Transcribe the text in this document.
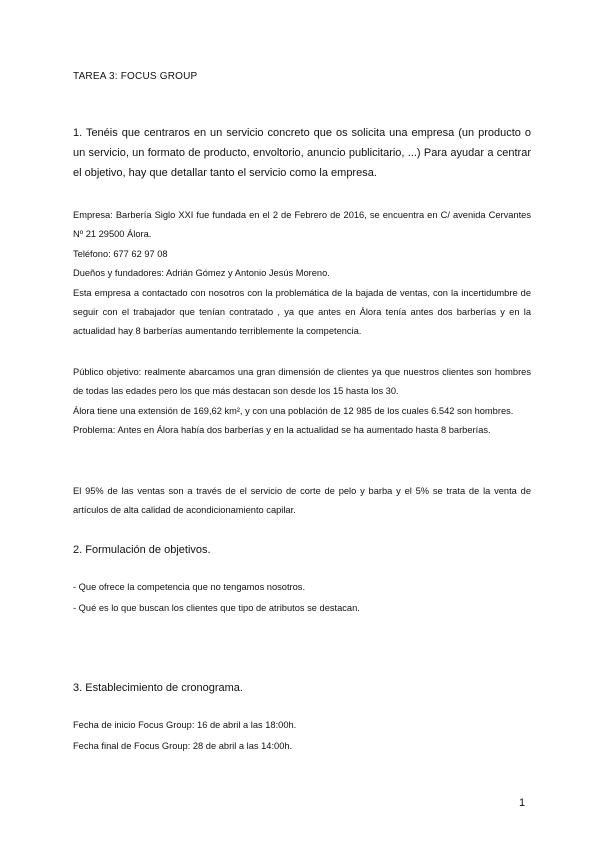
TAREA 3: FOCUS GROUP

1. Tenéis que centraros en un servicio concreto que os solicita una empresa (un producto o un servicio, un formato de producto, envoltorio, anuncio publicitario, ...) Para ayudar a centrar el objetivo, hay que detallar tanto el servicio como la empresa.

Empresa: Barbería Siglo XXI fue fundada en el 2 de Febrero de 2016, se encuentra en C/ avenida Cervantes Nº 21 29500 Álora.

Teléfono: 677 62 97 08

Dueños y fundadores: Adrián Gómez y Antonio Jesús Moreno.

Esta empresa a contactado con nosotros con la problemática de la bajada de ventas, con la incertidumbre de seguir con el trabajador que tenían contratado , ya que antes en Álora tenía antes dos barberías y en la actualidad hay 8 barberías aumentando terriblemente la competencia.

Público objetivo: realmente abarcamos una gran dimensión de clientes ya que nuestros clientes son hombres de todas las edades pero los que más destacan son desde los 15 hasta los 30.

Álora tiene una extensión de 169,62 km², y con una población de 12 985 de los cuales 6.542 son hombres.

Problema: Antes en Álora había dos barberías y en la actualidad se ha aumentado hasta 8 barberías.

El 95% de las ventas son a través de el servicio de corte de pelo y barba y el 5% se trata de la venta de artículos de alta calidad de acondicionamiento capilar.

2. Formulación de objetivos.

- Que ofrece la competencia que no tengamos nosotros.

- Qué es lo que buscan los clientes que tipo de atributos se destacan.

3. Establecimiento de cronograma.

Fecha de inicio Focus Group: 16 de abril a las 18:00h.

Fecha final de Focus Group: 28 de abril a las 14:00h.

1
